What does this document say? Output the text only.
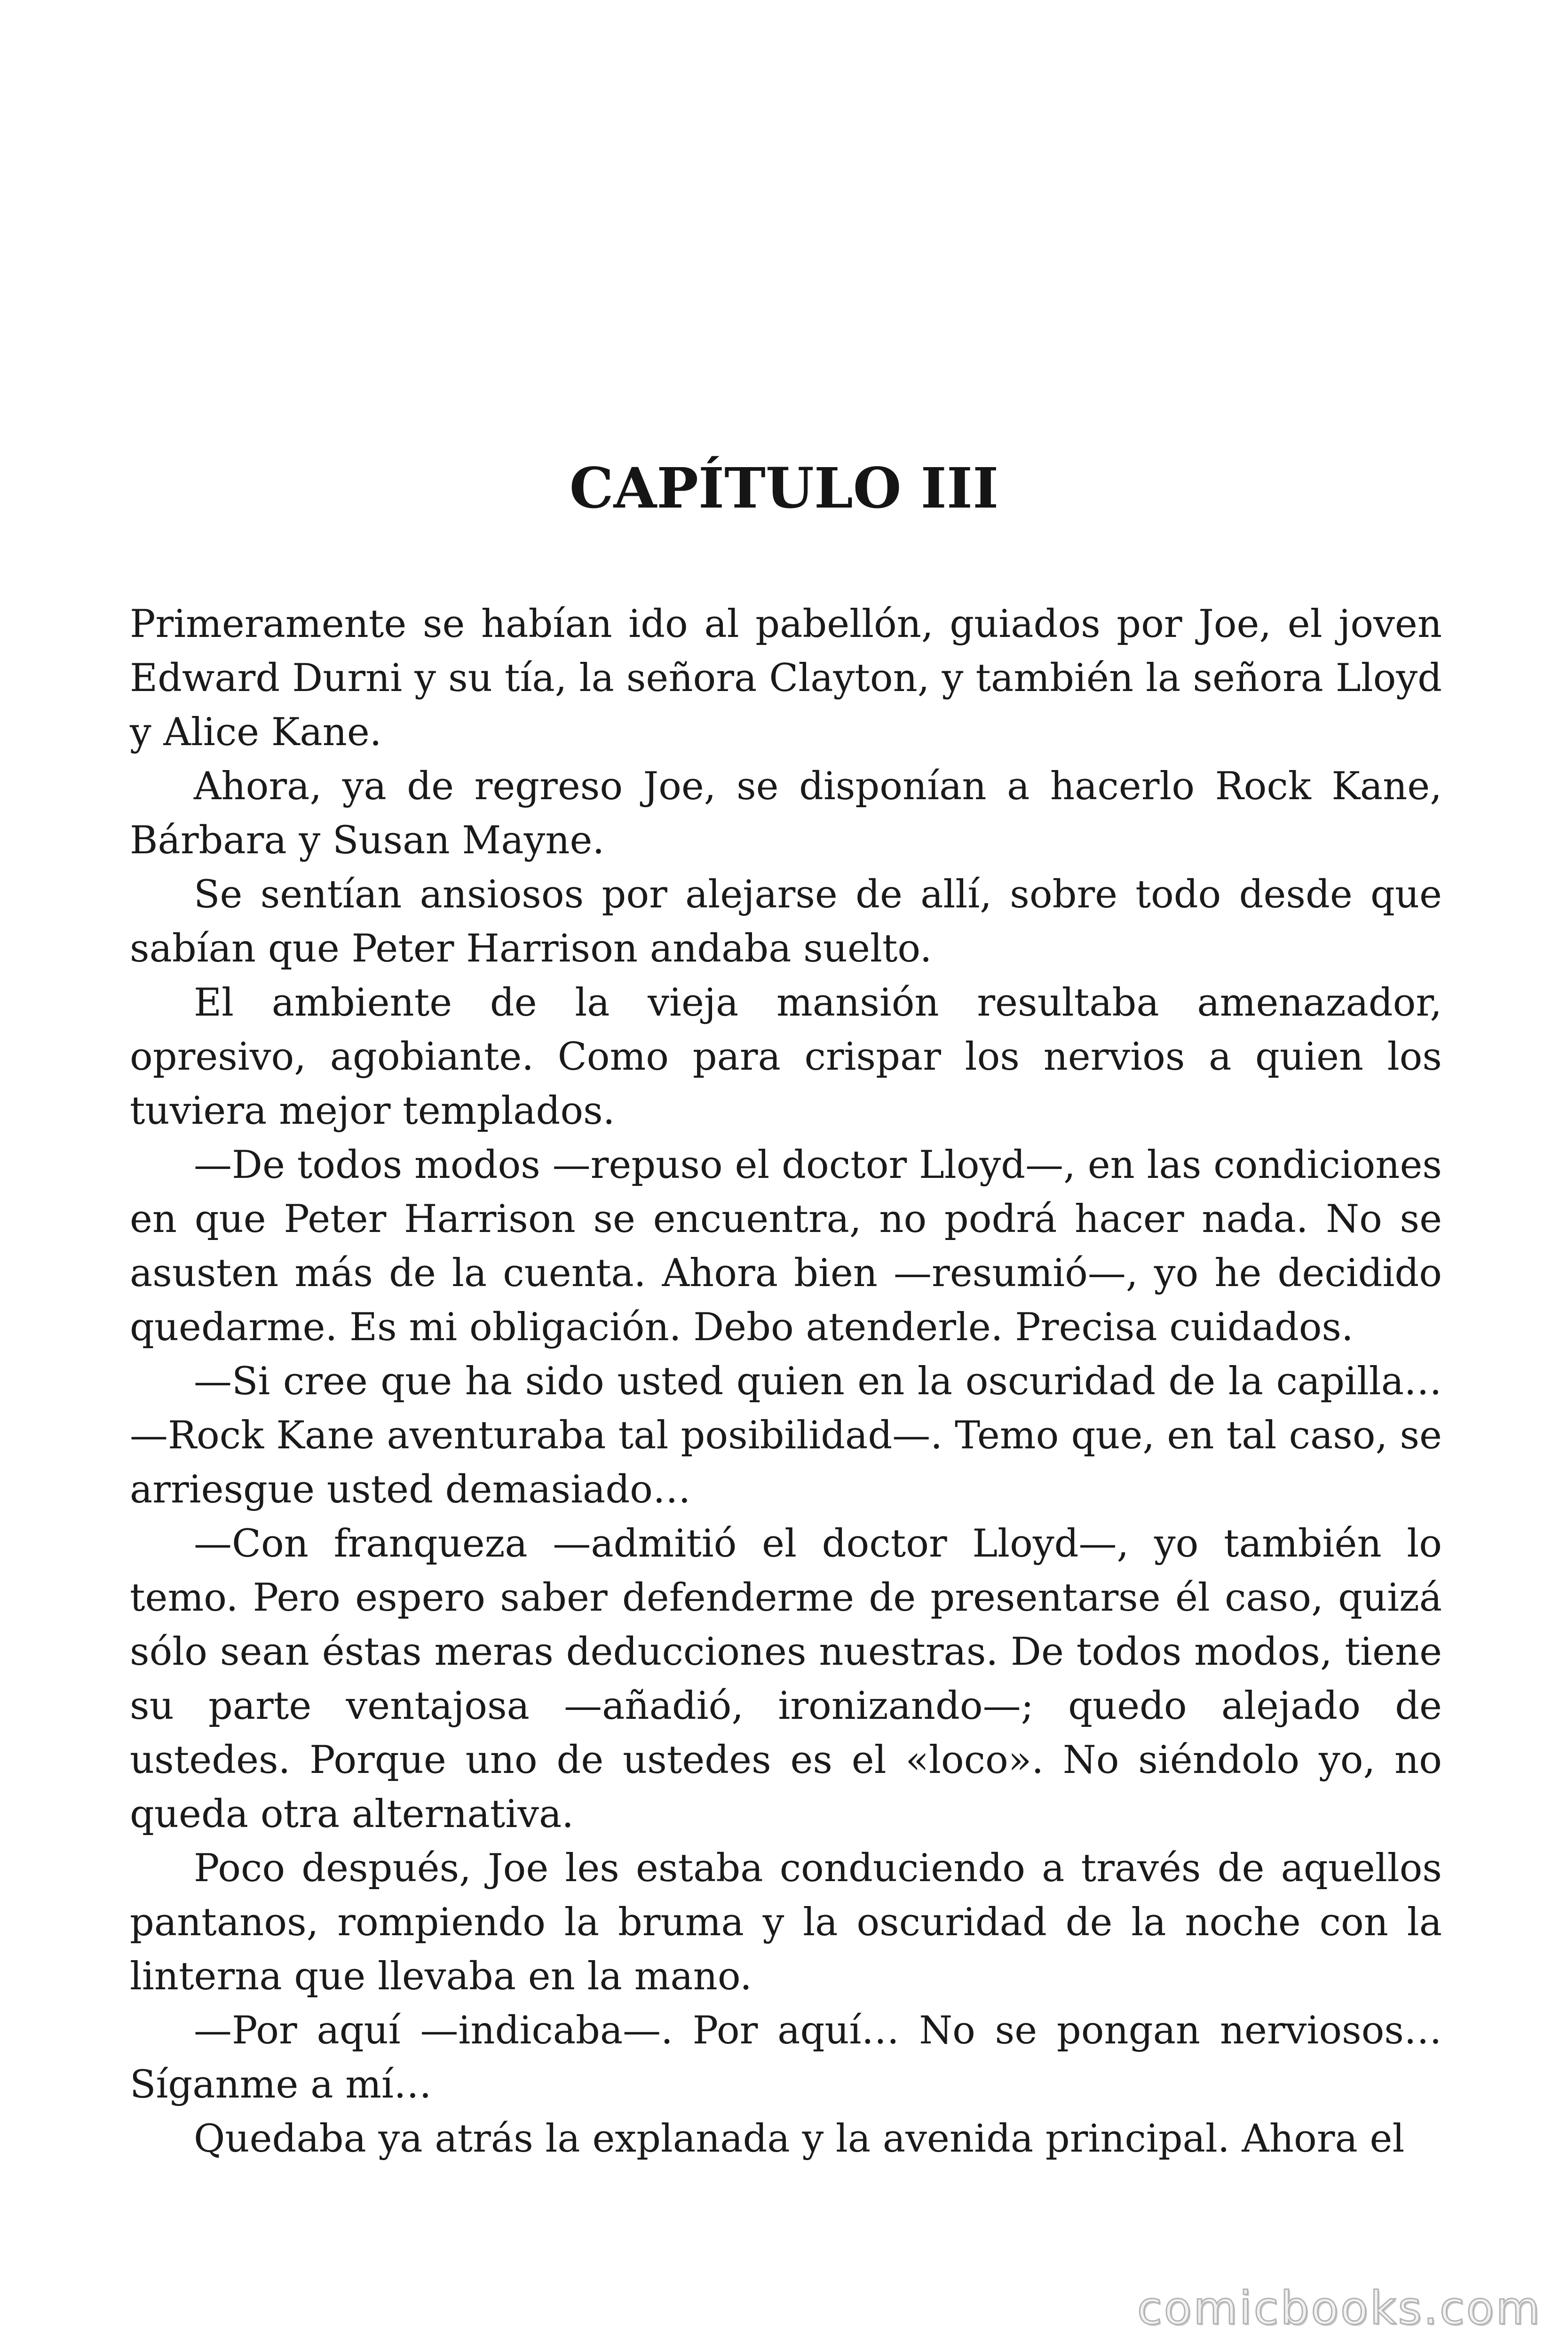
CAPÍTULO III

Primeramente se habían ido al pabellón, guiados por Joe, el joven Edward Durni y su tía, la señora Clayton, y también la señora Lloyd y Alice Kane.

Ahora, ya de regreso Joe, se disponían a hacerlo Rock Kane, Bárbara y Susan Mayne.

Se sentían ansiosos por alejarse de allí, sobre todo desde que sabían que Peter Harrison andaba suelto.

El ambiente de la vieja mansión resultaba amenazador, opresivo, agobiante. Como para crispar los nervios a quien los tuviera mejor templados.

—De todos modos —repuso el doctor Lloyd—, en las condiciones en que Peter Harrison se encuentra, no podrá hacer nada. No se asusten más de la cuenta. Ahora bien —resumió—, yo he decidido quedarme. Es mi obligación. Debo atenderle. Precisa cuidados.

—Si cree que ha sido usted quien en la oscuridad de la capilla… —Rock Kane aventuraba tal posibilidad—. Temo que, en tal caso, se arriesgue usted demasiado…

—Con franqueza —admitió el doctor Lloyd—, yo también lo temo. Pero espero saber defenderme de presentarse él caso, quizá sólo sean éstas meras deducciones nuestras. De todos modos, tiene su parte ventajosa —añadió, ironizando—; quedo alejado de ustedes. Porque uno de ustedes es el «loco». No siéndolo yo, no queda otra alternativa.

Poco después, Joe les estaba conduciendo a través de aquellos pantanos, rompiendo la bruma y la oscuridad de la noche con la linterna que llevaba en la mano.

—Por aquí —indicaba—. Por aquí… No se pongan nerviosos… Síganme a mí…

Quedaba ya atrás la explanada y la avenida principal. Ahora el

comicbooks.com
